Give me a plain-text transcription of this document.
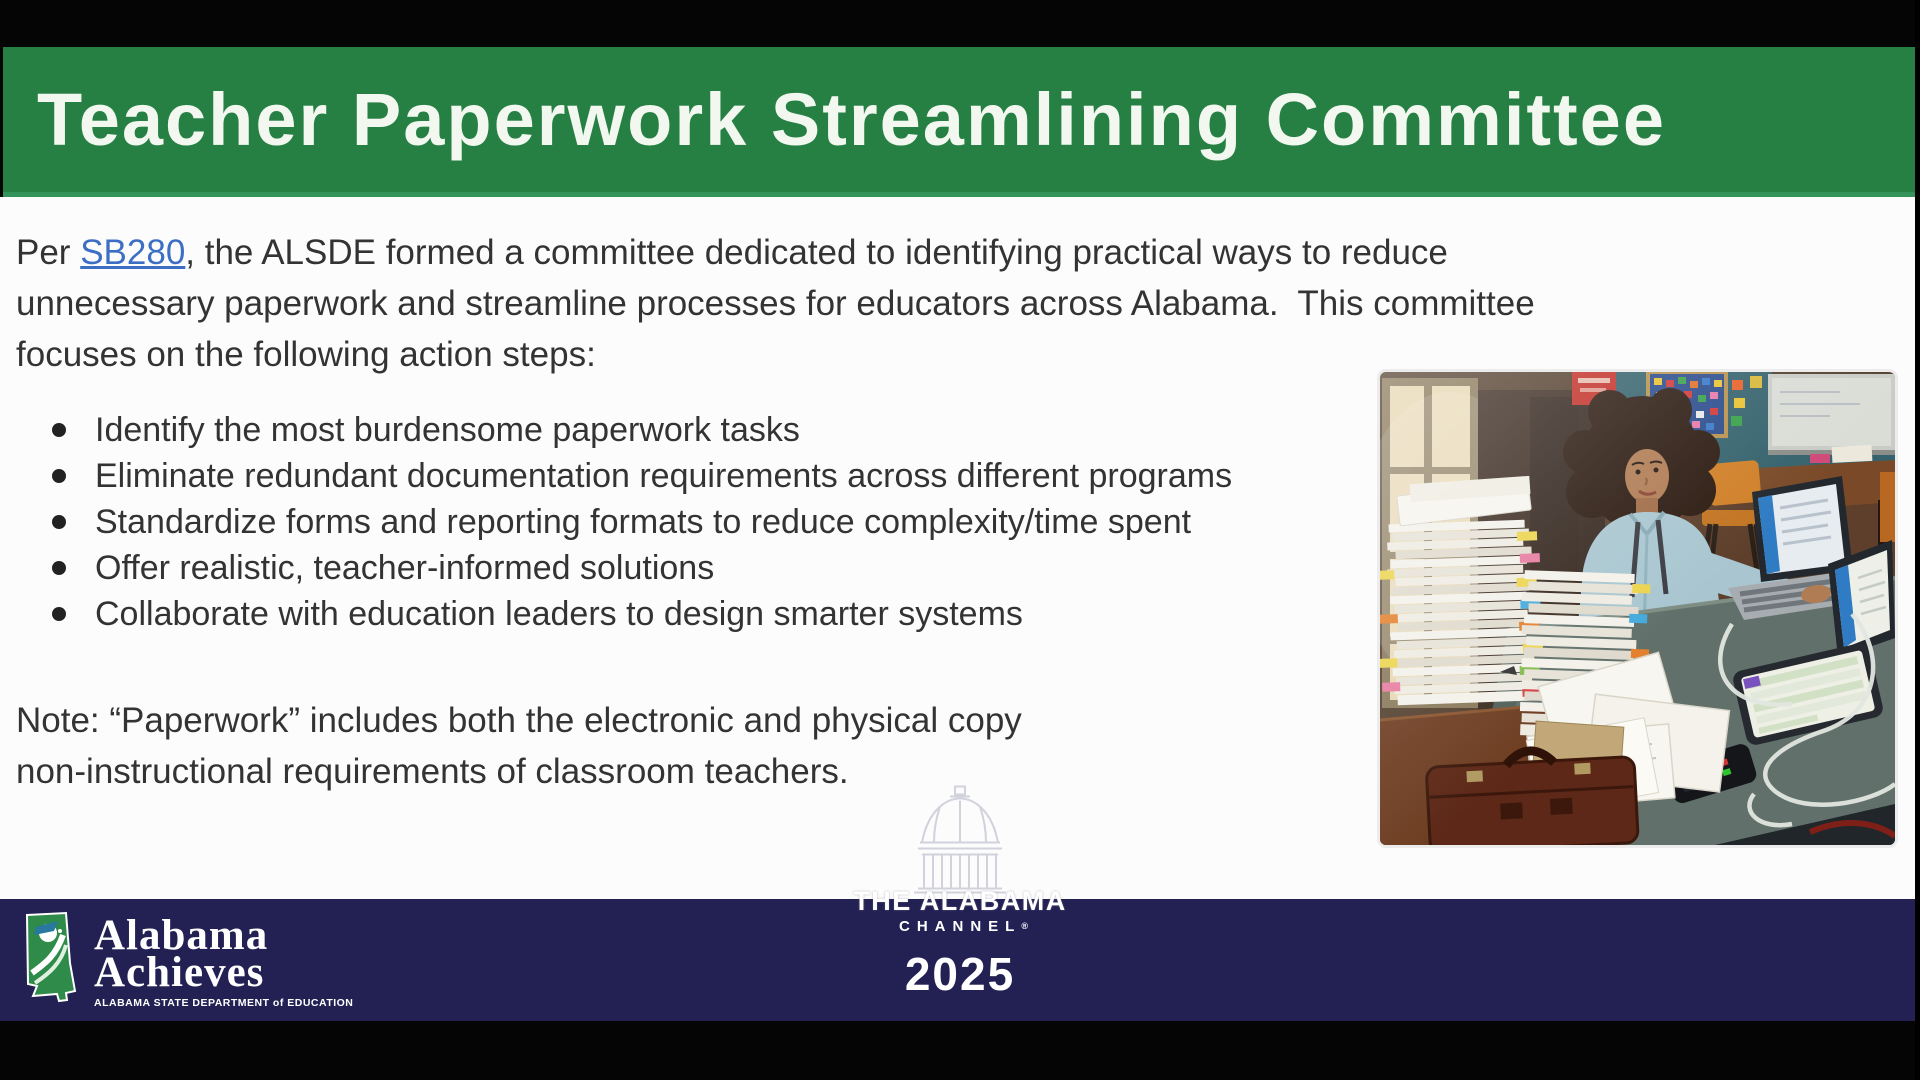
Teacher Paperwork Streamlining Committee
Per SB280, the ALSDE formed a committee dedicated to identifying practical ways to reduce
unnecessary paperwork and streamline processes for educators across Alabama.  This committee
focuses on the following action steps:
Identify the most burdensome paperwork tasks
Eliminate redundant documentation requirements across different programs
Standardize forms and reporting formats to reduce complexity/time spent
Offer realistic, teacher-informed solutions
Collaborate with education leaders to design smarter systems
Note: “Paperwork” includes both the electronic and physical copy
non-instructional requirements of classroom teachers.
Alabama
Achieves
ALABAMA STATE DEPARTMENT of EDUCATION
THE ALABAMA
CHANNEL®
2025
